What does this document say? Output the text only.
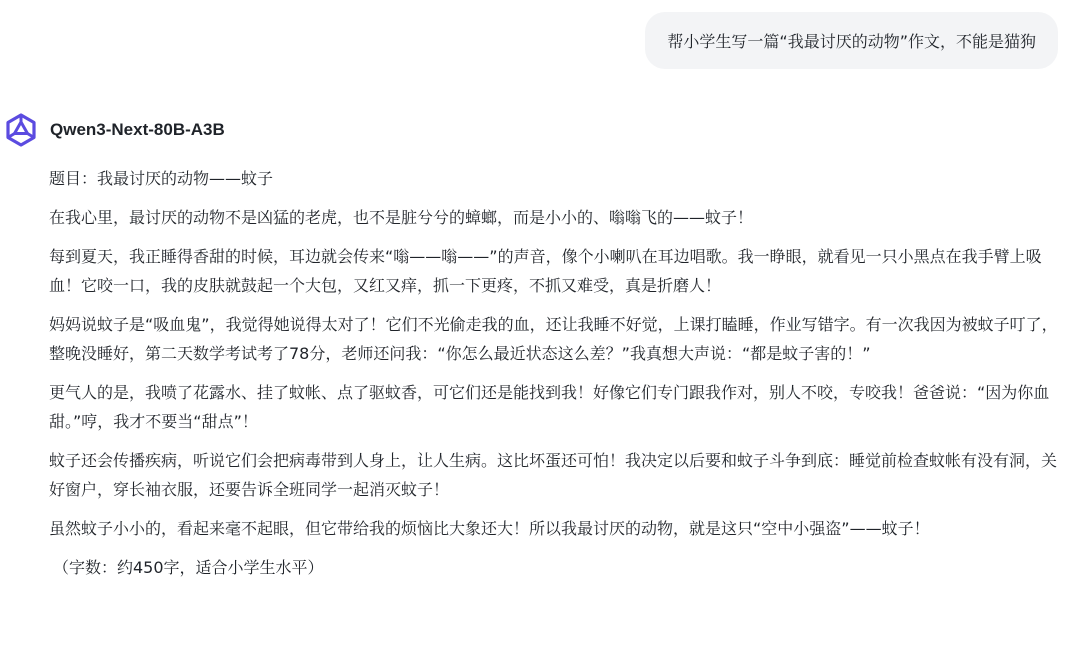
帮小学生写一篇“我最讨厌的动物”作文，不能是猫狗
Qwen3-Next-80B-A3B

题目：我最讨厌的动物——蚊子

在我心里，最讨厌的动物不是凶猛的老虎，也不是脏兮兮的蟑螂，而是小小的、嗡嗡飞的——蚊子！

每到夏天，我正睡得香甜的时候，耳边就会传来“嗡——嗡——”的声音，像个小喇叭在耳边唱歌。我一睁眼，就看见一只小黑点在我手臂上吸血！它咬一口，我的皮肤就鼓起一个大包，又红又痒，抓一下更疼，不抓又难受，真是折磨人！

妈妈说蚊子是“吸血鬼”，我觉得她说得太对了！它们不光偷走我的血，还让我睡不好觉，上课打瞌睡，作业写错字。有一次我因为被蚊子叮了，整晚没睡好，第二天数学考试考了78分，老师还问我：“你怎么最近状态这么差？”我真想大声说：“都是蚊子害的！”

更气人的是，我喷了花露水、挂了蚊帐、点了驱蚊香，可它们还是能找到我！好像它们专门跟我作对，别人不咬，专咬我！爸爸说：“因为你血甜。”哼，我才不要当“甜点”！

蚊子还会传播疾病，听说它们会把病毒带到人身上，让人生病。这比坏蛋还可怕！我决定以后要和蚊子斗争到底：睡觉前检查蚊帐有没有洞，关好窗户，穿长袖衣服，还要告诉全班同学一起消灭蚊子！

虽然蚊子小小的，看起来毫不起眼，但它带给我的烦恼比大象还大！所以我最讨厌的动物，就是这只“空中小强盗”——蚊子！

（字数：约450字，适合小学生水平）
